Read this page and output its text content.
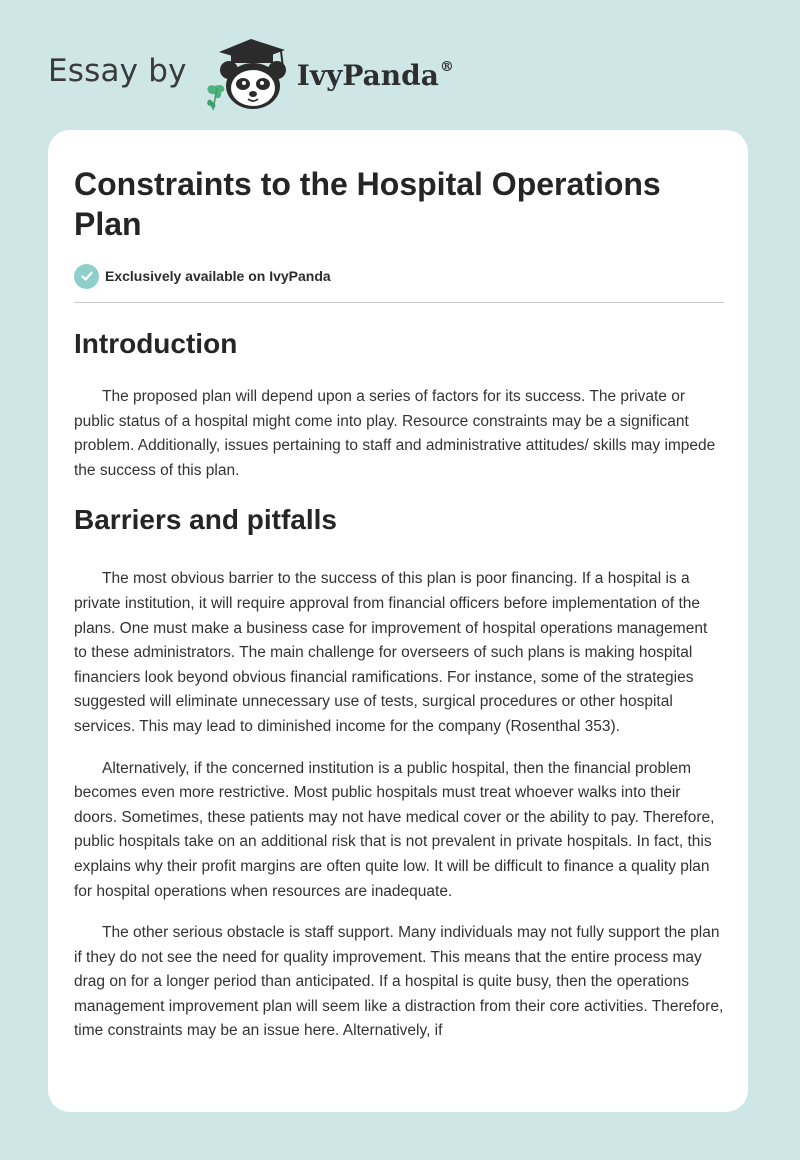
Essay by	IvyPanda®
Constraints to the Hospital Operations Plan
Exclusively available on IvyPanda
Introduction

The proposed plan will depend upon a series of factors for its success. The private or public status of a hospital might come into play. Resource constraints may be a significant problem. Additionally, issues pertaining to staff and administrative attitudes/ skills may impede the success of this plan.

Barriers and pitfalls

The most obvious barrier to the success of this plan is poor financing. If a hospital is a private institution, it will require approval from financial officers before implementation of the plans. One must make a business case for improvement of hospital operations management to these administrators. The main challenge for overseers of such plans is making hospital financiers look beyond obvious financial ramifications. For instance, some of the strategies suggested will eliminate unnecessary use of tests, surgical procedures or other hospital services. This may lead to diminished income for the company (Rosenthal 353).

Alternatively, if the concerned institution is a public hospital, then the financial problem becomes even more restrictive. Most public hospitals must treat whoever walks into their doors. Sometimes, these patients may not have medical cover or the ability to pay. Therefore, public hospitals take on an additional risk that is not prevalent in private hospitals. In fact, this explains why their profit margins are often quite low. It will be difficult to finance a quality plan for hospital operations when resources are inadequate.

The other serious obstacle is staff support. Many individuals may not fully support the plan if they do not see the need for quality improvement. This means that the entire process may drag on for a longer period than anticipated. If a hospital is quite busy, then the operations management improvement plan will seem like a distraction from their core activities. Therefore, time constraints may be an issue here. Alternatively, if
